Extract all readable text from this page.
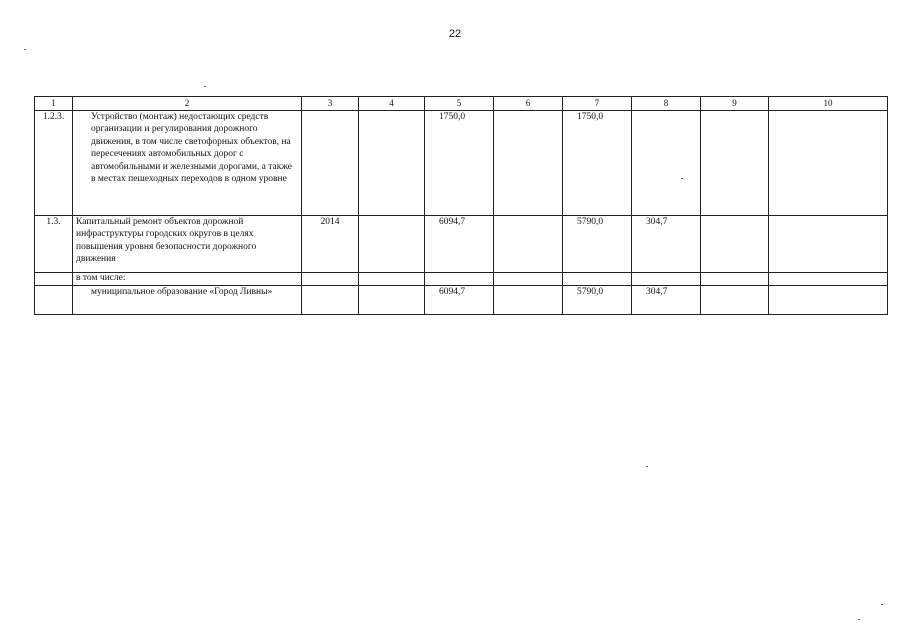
22
1	2	3	4	5	6	7	8	9	10
1.2.3.	Устройство (монтаж) недостающих средств организации и регулирования дорожного движения, в том числе светофорных объектов, на пересечениях автомобильных дорог с автомобильными и железными дорогами, а также в местах пешеходных переходов в одном уровне			1750,0		1750,0			
1.3.	Капитальный ремонт объектов дорожной инфраструктуры городских округов в целях повышения уровня безопасности дорожного движения	2014		6094,7		5790,0	304,7		
	в том числе:								
	муниципальное образование «Город Ливны»			6094,7		5790,0	304,7		
